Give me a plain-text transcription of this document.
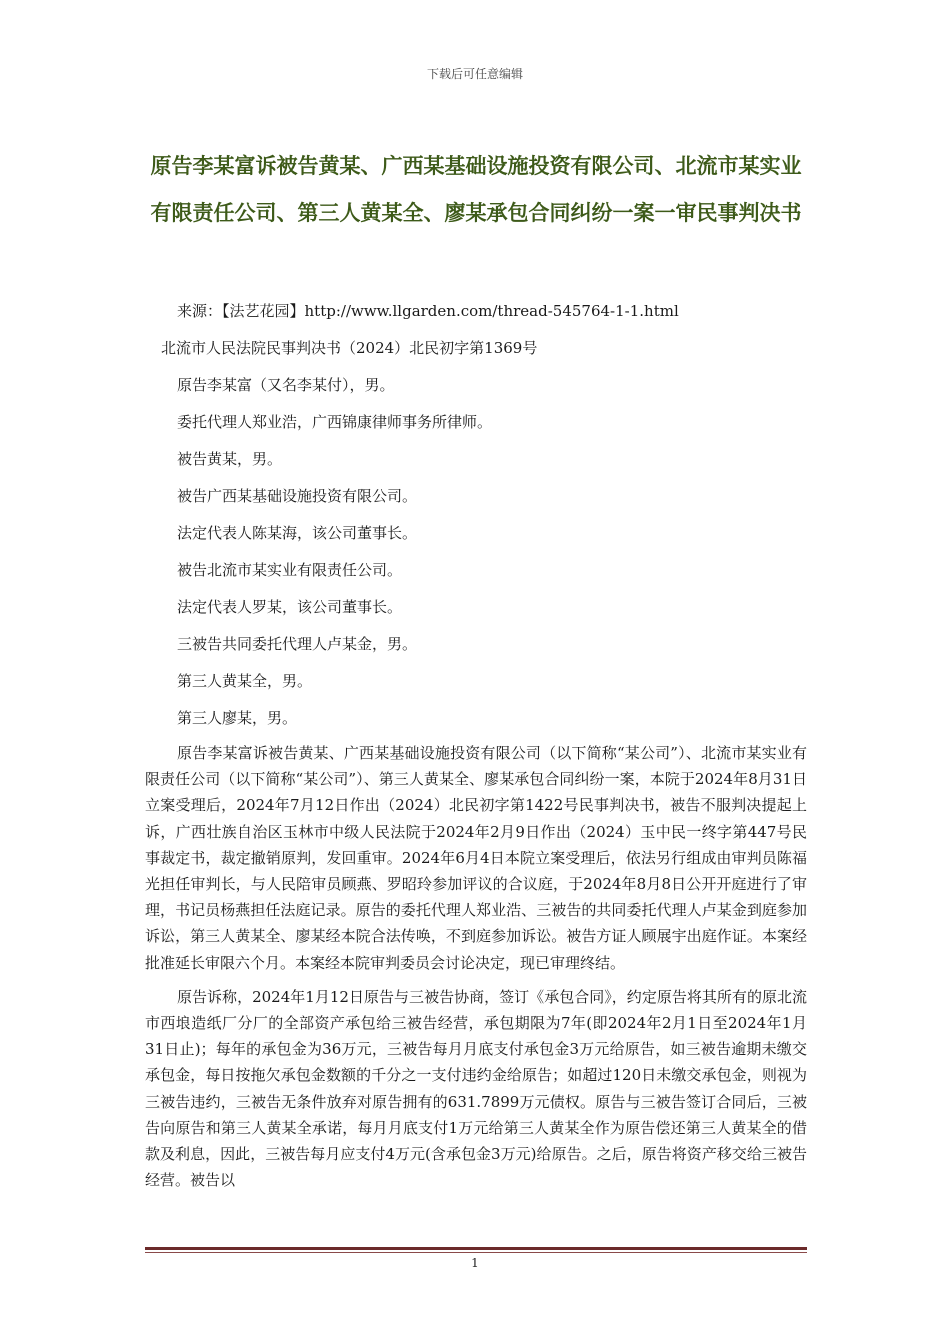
下载后可任意编辑
原告李某富诉被告黄某、广西某基础设施投资有限公司、北流市某实业有限责任公司、第三人黄某全、廖某承包合同纠纷一案一审民事判决书
来源：【法艺花园】http://www.llgarden.com/thread-545764-1-1.html
北流市人民法院民事判决书（2024）北民初字第1369号
原告李某富（又名李某付），男。
委托代理人郑业浩，广西锦康律师事务所律师。
被告黄某，男。
被告广西某基础设施投资有限公司。
法定代表人陈某海，该公司董事长。
被告北流市某实业有限责任公司。
法定代表人罗某，该公司董事长。
三被告共同委托代理人卢某金，男。
第三人黄某全，男。
第三人廖某，男。
原告李某富诉被告黄某、广西某基础设施投资有限公司（以下简称“某公司”）、北流市某实业有限责任公司（以下简称“某公司”）、第三人黄某全、廖某承包合同纠纷一案，本院于2024年8月31日立案受理后，2024年7月12日作出（2024）北民初字第1422号民事判决书，被告不服判决提起上诉，广西壮族自治区玉林市中级人民法院于2024年2月9日作出（2024）玉中民一终字第447号民事裁定书，裁定撤销原判，发回重审。2024年6月4日本院立案受理后，依法另行组成由审判员陈福光担任审判长，与人民陪审员顾燕、罗昭玲参加评议的合议庭，于2024年8月8日公开开庭进行了审理，书记员杨燕担任法庭记录。原告的委托代理人郑业浩、三被告的共同委托代理人卢某金到庭参加诉讼，第三人黄某全、廖某经本院合法传唤，不到庭参加诉讼。被告方证人顾展宇出庭作证。本案经批准延长审限六个月。本案经本院审判委员会讨论决定，现已审理终结。
原告诉称，2024年1月12日原告与三被告协商，签订《承包合同》，约定原告将其所有的原北流市西埌造纸厂分厂的全部资产承包给三被告经营，承包期限为7年(即2024年2月1日至2024年1月31日止)；每年的承包金为36万元，三被告每月月底支付承包金3万元给原告，如三被告逾期未缴交承包金，每日按拖欠承包金数额的千分之一支付违约金给原告；如超过120日未缴交承包金，则视为三被告违约，三被告无条件放弃对原告拥有的631.7899万元债权。原告与三被告签订合同后，三被告向原告和第三人黄某全承诺，每月月底支付1万元给第三人黄某全作为原告偿还第三人黄某全的借款及利息，因此，三被告每月应支付4万元(含承包金3万元)给原告。之后，原告将资产移交给三被告经营。被告以
1
